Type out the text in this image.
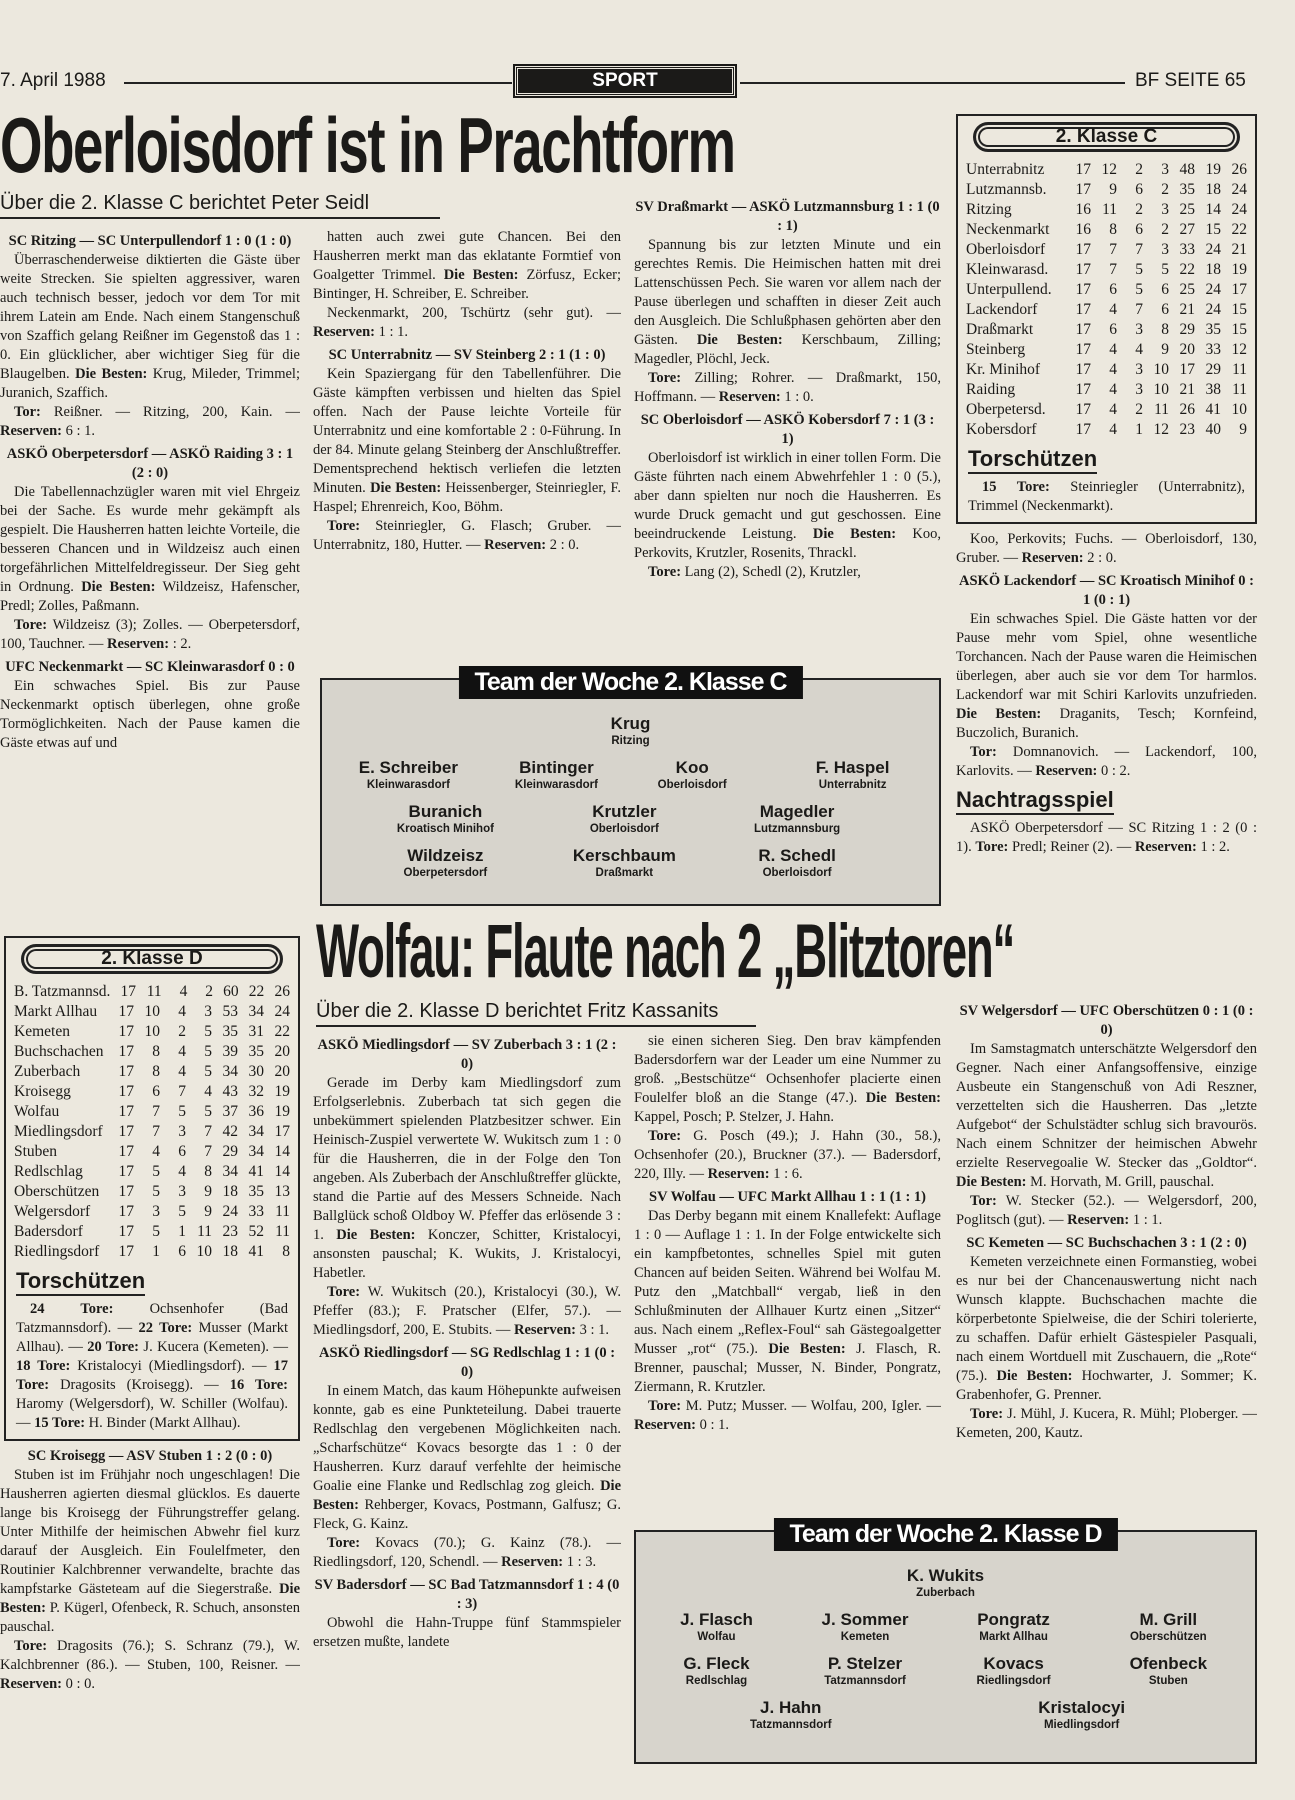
7. April 1988	SPORT	BF SEITE 65
Oberloisdorf ist in Prachtform
Über die 2. Klasse C berichtet Peter Seidl
SC Ritzing — SC Unterpullendorf 1 : 0 (1 : 0)

Überraschenderweise diktierten die Gäste über weite Strecken. Sie spielten aggressiver, waren auch technisch besser, jedoch vor dem Tor mit ihrem Latein am Ende. Nach einem Stangenschuß von Szaffich gelang Reißner im Gegenstoß das 1 : 0. Ein glücklicher, aber wichtiger Sieg für die Blaugelben. Die Besten: Krug, Mileder, Trimmel; Juranich, Szaffich.

Tor: Reißner. — Ritzing, 200, Kain. — Reserven: 6 : 1.

ASKÖ Oberpetersdorf — ASKÖ Raiding 3 : 1 (2 : 0)

Die Tabellennachzügler waren mit viel Ehrgeiz bei der Sache. Es wurde mehr gekämpft als gespielt. Die Hausherren hatten leichte Vorteile, die besseren Chancen und in Wildzeisz auch einen torgefährlichen Mittelfeldregisseur. Der Sieg geht in Ordnung. Die Besten: Wildzeisz, Hafenscher, Predl; Zolles, Paßmann.

Tore: Wildzeisz (3); Zolles. — Oberpetersdorf, 100, Tauchner. — Reserven: : 2.

UFC Neckenmarkt — SC Kleinwarasdorf 0 : 0

Ein schwaches Spiel. Bis zur Pause Neckenmarkt optisch überlegen, ohne große Tormöglichkeiten. Nach der Pause kamen die Gäste etwas auf und

hatten auch zwei gute Chancen. Bei den Hausherren merkt man das eklatante Formtief von Goalgetter Trimmel. Die Besten: Zörfusz, Ecker; Bintinger, H. Schreiber, E. Schreiber.

Neckenmarkt, 200, Tschürtz (sehr gut). — Reserven: 1 : 1.

SC Unterrabnitz — SV Steinberg 2 : 1 (1 : 0)

Kein Spaziergang für den Tabellenführer. Die Gäste kämpften verbissen und hielten das Spiel offen. Nach der Pause leichte Vorteile für Unterrabnitz und eine komfortable 2 : 0-Führung. In der 84. Minute gelang Steinberg der Anschlußtreffer. Dementsprechend hektisch verliefen die letzten Minuten. Die Besten: Heissenberger, Steinriegler, F. Haspel; Ehrenreich, Koo, Böhm.

Tore: Steinriegler, G. Flasch; Gruber. — Unterrabnitz, 180, Hutter. — Reserven: 2 : 0.

SV Draßmarkt — ASKÖ Lutzmannsburg 1 : 1 (0 : 1)

Spannung bis zur letzten Minute und ein gerechtes Remis. Die Heimischen hatten mit drei Lattenschüssen Pech. Sie waren vor allem nach der Pause überlegen und schafften in dieser Zeit auch den Ausgleich. Die Schlußphasen gehörten aber den Gästen. Die Besten: Kerschbaum, Zilling; Magedler, Plöchl, Jeck.

Tore: Zilling; Rohrer. — Draßmarkt, 150, Hoffmann. — Reserven: 1 : 0.

SC Oberloisdorf — ASKÖ Kobersdorf 7 : 1 (3 : 1)

Oberloisdorf ist wirklich in einer tollen Form. Die Gäste führten nach einem Abwehrfehler 1 : 0 (5.), aber dann spielten nur noch die Hausherren. Es wurde Druck gemacht und gut geschossen. Eine beeindruckende Leistung. Die Besten: Koo, Perkovits, Krutzler, Rosenits, Thrackl.

Tore: Lang (2), Schedl (2), Krutzler,

2. Klasse C
Unterrabnitz	17 12	2	3 48 19 26
Lutzmannsb.	17	9	6	2 35 18 24
Ritzing	16 11	2	3 25 14 24
Neckenmarkt	16	8	6	2 27 15 22
Oberloisdorf	17	7	7	3 33 24 21
Kleinwarasd.	17	7	5	5 22 18 19
Unterpullend.	17	6	5	6 25 24 17
Lackendorf	17	4	7	6 21 24 15
Draßmarkt	17	6	3	8 29 35 15
Steinberg	17	4	4	9 20 33 12
Kr. Minihof	17	4	3 10 17 29 11
Raiding	17	4	3 10 21 38 11
Oberpetersd.	17	4	2 11 26 41 10
Kobersdorf	17	4	1 12 23 40	9
Torschützen
15 Tore: Steinriegler (Unterrabnitz), Trimmel (Neckenmarkt).

Koo, Perkovits; Fuchs. — Oberloisdorf, 130, Gruber. — Reserven: 2 : 0.

ASKÖ Lackendorf — SC Kroatisch Minihof 0 : 1 (0 : 1)

Ein schwaches Spiel. Die Gäste hatten vor der Pause mehr vom Spiel, ohne wesentliche Torchancen. Nach der Pause waren die Heimischen überlegen, aber auch sie vor dem Tor harmlos. Lackendorf war mit Schiri Karlovits unzufrieden. Die Besten: Draganits, Tesch; Kornfeind, Buczolich, Buranich.

Tor: Domnanovich. — Lackendorf, 100, Karlovits. — Reserven: 0 : 2.

Nachtragsspiel

ASKÖ Oberpetersdorf — SC Ritzing 1 : 2 (0 : 1). Tore: Predl; Reiner (2). — Reserven: 1 : 2.

Team der Woche 2. Klasse C
Krug
Ritzing
E. Schreiber
Kleinwarasdorf
Bintinger
Kleinwarasdorf
Koo
Oberloisdorf
F. Haspel
Unterrabnitz
Buranich
Kroatisch Minihof
Krutzler
Oberloisdorf
Magedler
Lutzmannsburg
Wildzeisz
Oberpetersdorf
Kerschbaum
Draßmarkt
R. Schedl
Oberloisdorf
2. Klasse D
B. Tatzmannsd. 17 11	4	2 60 22 26
Markt Allhau	17 10	4	3 53 34 24
Kemeten	17 10	2	5 35 31 22
Buchschachen 17	8	4	5 39 35 20
Zuberbach	17	8	4	5 34 30 20
Kroisegg	17	6	7	4 43 32 19
Wolfau	17	7	5	5 37 36 19
Miedlingsdorf	17	7	3	7 42 34 17
Stuben	17	4	6	7 29 34 14
Redlschlag	17	5	4	8 34 41 14
Oberschützen	17	5	3	9 18 35 13
Welgersdorf	17	3	5	9 24 33 11
Badersdorf	17	5	1 11 23 52 11
Riedlingsdorf	17	1	6 10 18 41	8
Torschützen
24 Tore: Ochsenhofer (Bad Tatzmannsdorf). — 22 Tore: Musser (Markt Allhau). — 20 Tore: J. Kucera (Kemeten). — 18 Tore: Kristalocyi (Miedlingsdorf). — 17 Tore: Dragosits (Kroisegg). — 16 Tore: Haromy (Welgersdorf), W. Schiller (Wolfau). — 15 Tore: H. Binder (Markt Allhau).
SC Kroisegg — ASV Stuben 1 : 2 (0 : 0)

Stuben ist im Frühjahr noch ungeschlagen! Die Hausherren agierten diesmal glücklos. Es dauerte lange bis Kroisegg der Führungstreffer gelang. Unter Mithilfe der heimischen Abwehr fiel kurz darauf der Ausgleich. Ein Foulelfmeter, den Routinier Kalchbrenner verwandelte, brachte das kampfstarke Gästeteam auf die Siegerstraße. Die Besten: P. Kügerl, Ofenbeck, R. Schuch, ansonsten pauschal.

Tore: Dragosits (76.); S. Schranz (79.), W. Kalchbrenner (86.). — Stuben, 100, Reisner. — Reserven: 0 : 0.

Wolfau: Flaute nach 2 „Blitztoren“
Über die 2. Klasse D berichtet Fritz Kassanits
ASKÖ Miedlingsdorf — SV Zuberbach 3 : 1 (2 : 0)

Gerade im Derby kam Miedlingsdorf zum Erfolgserlebnis. Zuberbach tat sich gegen die unbekümmert spielenden Platzbesitzer schwer. Ein Heinisch-Zuspiel verwertete W. Wukitsch zum 1 : 0 für die Hausherren, die in der Folge den Ton angeben. Als Zuberbach der Anschlußtreffer glückte, stand die Partie auf des Messers Schneide. Nach Ballglück schoß Oldboy W. Pfeffer das erlösende 3 : 1. Die Besten: Konczer, Schitter, Kristalocyi, ansonsten pauschal; K. Wukits, J. Kristalocyi, Habetler.

Tore: W. Wukitsch (20.), Kristalocyi (30.), W. Pfeffer (83.); F. Pratscher (Elfer, 57.). — Miedlingsdorf, 200, E. Stubits. — Reserven: 3 : 1.

ASKÖ Riedlingsdorf — SG Redlschlag 1 : 1 (0 : 0)

In einem Match, das kaum Höhepunkte aufweisen konnte, gab es eine Punkteteilung. Dabei trauerte Redlschlag den vergebenen Möglichkeiten nach. „Scharfschütze“ Kovacs besorgte das 1 : 0 der Hausherren. Kurz darauf verfehlte der heimische Goalie eine Flanke und Redlschlag zog gleich. Die Besten: Rehberger, Kovacs, Postmann, Galfusz; G. Fleck, G. Kainz.

Tore: Kovacs (70.); G. Kainz (78.). — Riedlingsdorf, 120, Schendl. — Reserven: 1 : 3.

SV Badersdorf — SC Bad Tatzmannsdorf 1 : 4 (0 : 3)

Obwohl die Hahn-Truppe fünf Stammspieler ersetzen mußte, landete

sie einen sicheren Sieg. Den brav kämpfenden Badersdorfern war der Leader um eine Nummer zu groß. „Bestschütze“ Ochsenhofer placierte einen Foulelfer bloß an die Stange (47.). Die Besten: Kappel, Posch; P. Stelzer, J. Hahn.

Tore: G. Posch (49.); J. Hahn (30., 58.), Ochsenhofer (20.), Bruckner (37.). — Badersdorf, 220, Illy. — Reserven: 1 : 6.

SV Wolfau — UFC Markt Allhau 1 : 1 (1 : 1)

Das Derby begann mit einem Knallefekt: Auflage 1 : 0 — Auflage 1 : 1. In der Folge entwickelte sich ein kampfbetontes, schnelles Spiel mit guten Chancen auf beiden Seiten. Während bei Wolfau M. Putz den „Matchball“ vergab, ließ in den Schlußminuten der Allhauer Kurtz einen „Sitzer“ aus. Nach einem „Reflex-Foul“ sah Gästegoalgetter Musser „rot“ (75.). Die Besten: J. Flasch, R. Brenner, pauschal; Musser, N. Binder, Pongratz, Ziermann, R. Krutzler.

Tore: M. Putz; Musser. — Wolfau, 200, Igler. — Reserven: 0 : 1.

SV Welgersdorf — UFC Oberschützen 0 : 1 (0 : 0)

Im Samstagmatch unterschätzte Welgersdorf den Gegner. Nach einer Anfangsoffensive, einzige Ausbeute ein Stangenschuß von Adi Reszner, verzettelten sich die Hausherren. Das „letzte Aufgebot“ der Schulstädter schlug sich bravourös. Nach einem Schnitzer der heimischen Abwehr erzielte Reservegoalie W. Stecker das „Goldtor“. Die Besten: M. Horvath, M. Grill, pauschal.

Tor: W. Stecker (52.). — Welgersdorf, 200, Poglitsch (gut). — Reserven: 1 : 1.

SC Kemeten — SC Buchschachen 3 : 1 (2 : 0)

Kemeten verzeichnete einen Formanstieg, wobei es nur bei der Chancenauswertung nicht nach Wunsch klappte. Buchschachen machte die körperbetonte Spielweise, die der Schiri tolerierte, zu schaffen. Dafür erhielt Gästespieler Pasquali, nach einem Wortduell mit Zuschauern, die „Rote“ (75.). Die Besten: Hochwarter, J. Sommer; K. Grabenhofer, G. Prenner.

Tore: J. Mühl, J. Kucera, R. Mühl; Ploberger. — Kemeten, 200, Kautz.

Team der Woche 2. Klasse D
K. Wukits
Zuberbach
J. Flasch
Wolfau
J. Sommer
Kemeten
Pongratz
Markt Allhau
M. Grill
Oberschützen
G. Fleck
Redlschlag
P. Stelzer
Tatzmannsdorf
Kovacs
Riedlingsdorf
Ofenbeck
Stuben
J. Hahn
Tatzmannsdorf
Kristalocyi
Miedlingsdorf
